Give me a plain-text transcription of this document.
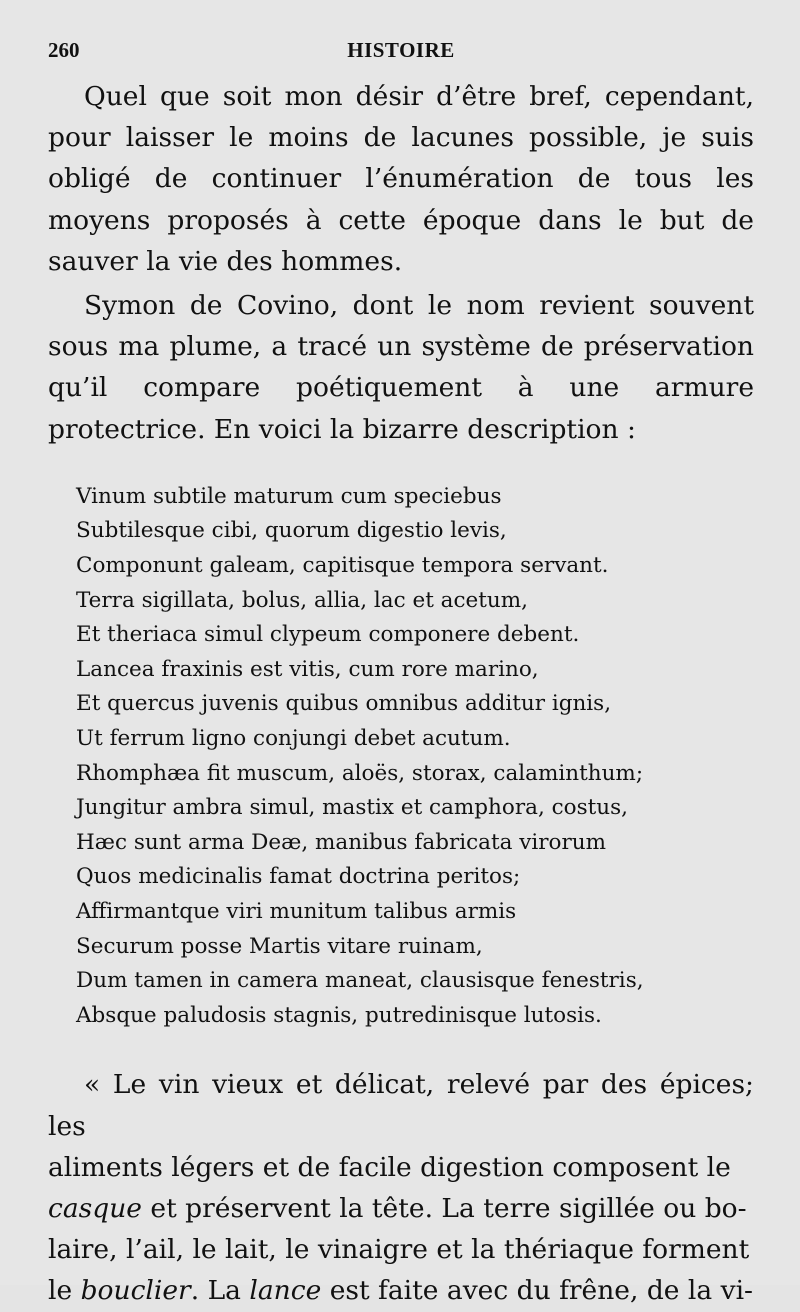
260	HISTOIRE

Quel que soit mon désir d’être bref, cependant, pour laisser le moins de lacunes possible, je suis obligé de continuer l’énumération de tous les moyens proposés à cette époque dans le but de sauver la vie des hommes.

Symon de Covino, dont le nom revient souvent sous ma plume, a tracé un système de préservation qu’il compare poétiquement à une armure protectrice. En voici la bizarre description :

Vinum subtile maturum cum speciebus
Subtilesque cibi, quorum digestio levis,
Componunt galeam, capitisque tempora servant.
Terra sigillata, bolus, allia, lac et acetum,
Et theriaca simul clypeum componere debent.
Lancea fraxinis est vitis, cum rore marino,
Et quercus juvenis quibus omnibus additur ignis,
Ut ferrum ligno conjungi debet acutum.
Rhomphæa fit muscum, aloës, storax, calaminthum;
Jungitur ambra simul, mastix et camphora, costus,
Hæc sunt arma Deæ, manibus fabricata virorum
Quos medicinalis famat doctrina peritos;
Affirmantque viri munitum talibus armis
Securum posse Martis vitare ruinam,
Dum tamen in camera maneat, clausisque fenestris,
Absque paludosis stagnis, putredinisque lutosis.

« Le vin vieux et délicat, relevé par des épices; les
aliments légers et de facile digestion composent le
casque et préservent la tête. La terre sigillée ou bo-
laire, l’ail, le lait, le vinaigre et la thériaque forment
le bouclier. La lance est faite avec du frêne, de la vi-
